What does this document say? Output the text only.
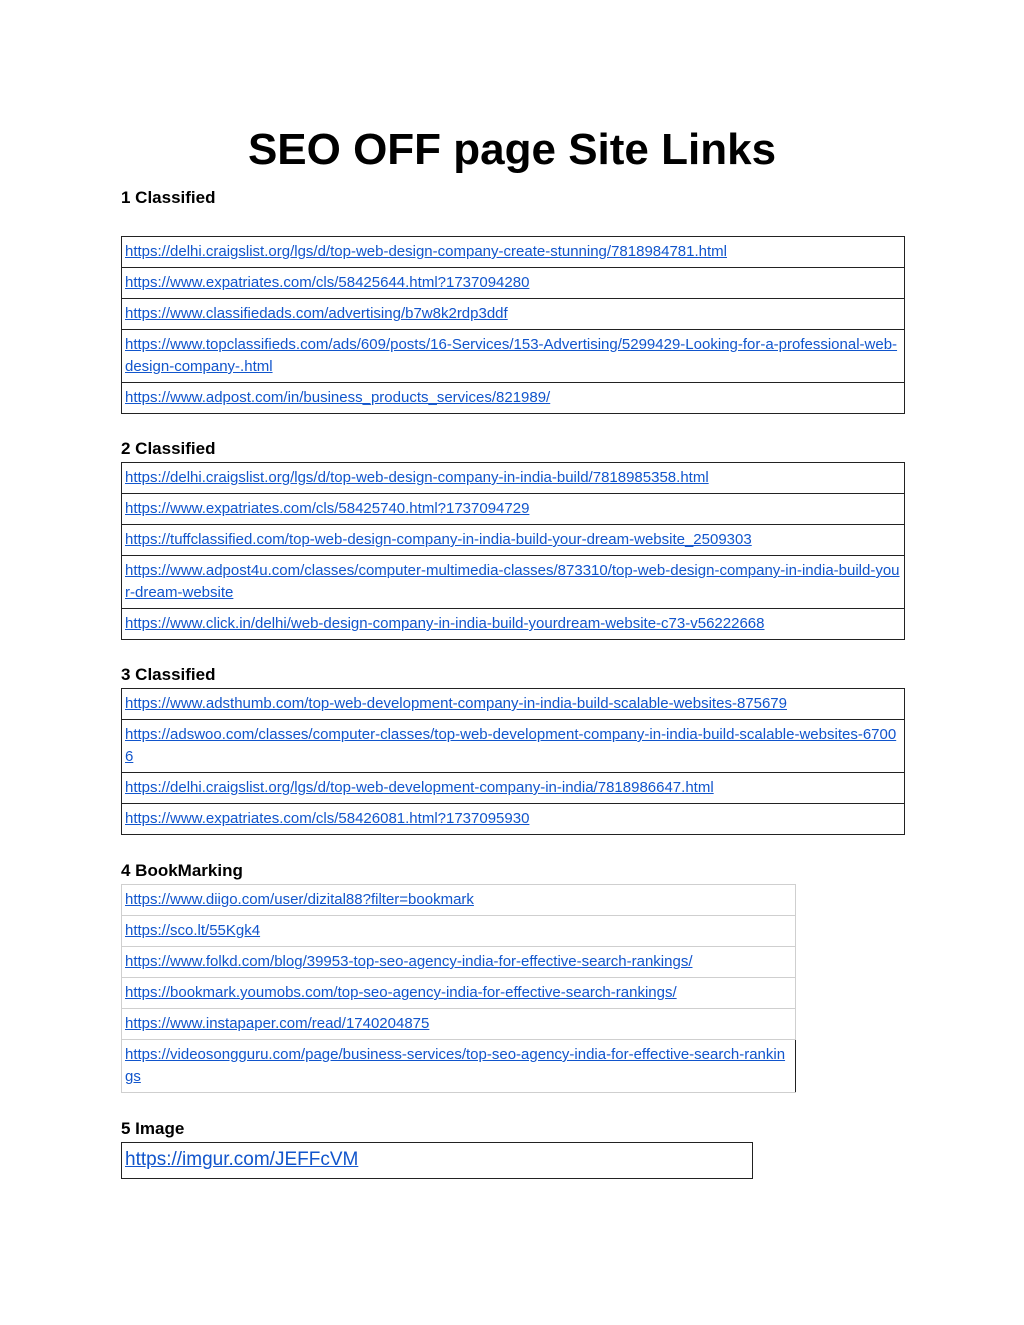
SEO OFF page Site Links
1 Classified
https://delhi.craigslist.org/lgs/d/top-web-design-company-create-stunning/7818984781.html
https://www.expatriates.com/cls/58425644.html?1737094280
https://www.classifiedads.com/advertising/b7w8k2rdp3ddf
https://www.topclassifieds.com/ads/609/posts/16-Services/153-Advertising/5299429-Looking-for-a-professional-web-design-company-.html
https://www.adpost.com/in/business_products_services/821989/
2 Classified
https://delhi.craigslist.org/lgs/d/top-web-design-company-in-india-build/7818985358.html
https://www.expatriates.com/cls/58425740.html?1737094729
https://tuffclassified.com/top-web-design-company-in-india-build-your-dream-website_2509303
https://www.adpost4u.com/classes/computer-multimedia-classes/873310/top-web-design-company-in-india-build-your-dream-website
https://www.click.in/delhi/web-design-company-in-india-build-yourdream-website-c73-v56222668
3 Classified
https://www.adsthumb.com/top-web-development-company-in-india-build-scalable-websites-875679
https://adswoo.com/classes/computer-classes/top-web-development-company-in-india-build-scalable-websites-67006
https://delhi.craigslist.org/lgs/d/top-web-development-company-in-india/7818986647.html
https://www.expatriates.com/cls/58426081.html?1737095930
4 BookMarking
https://www.diigo.com/user/dizital88?filter=bookmark
https://sco.lt/55Kgk4
https://www.folkd.com/blog/39953-top-seo-agency-india-for-effective-search-rankings/
https://bookmark.youmobs.com/top-seo-agency-india-for-effective-search-rankings/
https://www.instapaper.com/read/1740204875
https://videosongguru.com/page/business-services/top-seo-agency-india-for-effective-search-rankings
5 Image
https://imgur.com/JEFFcVM
